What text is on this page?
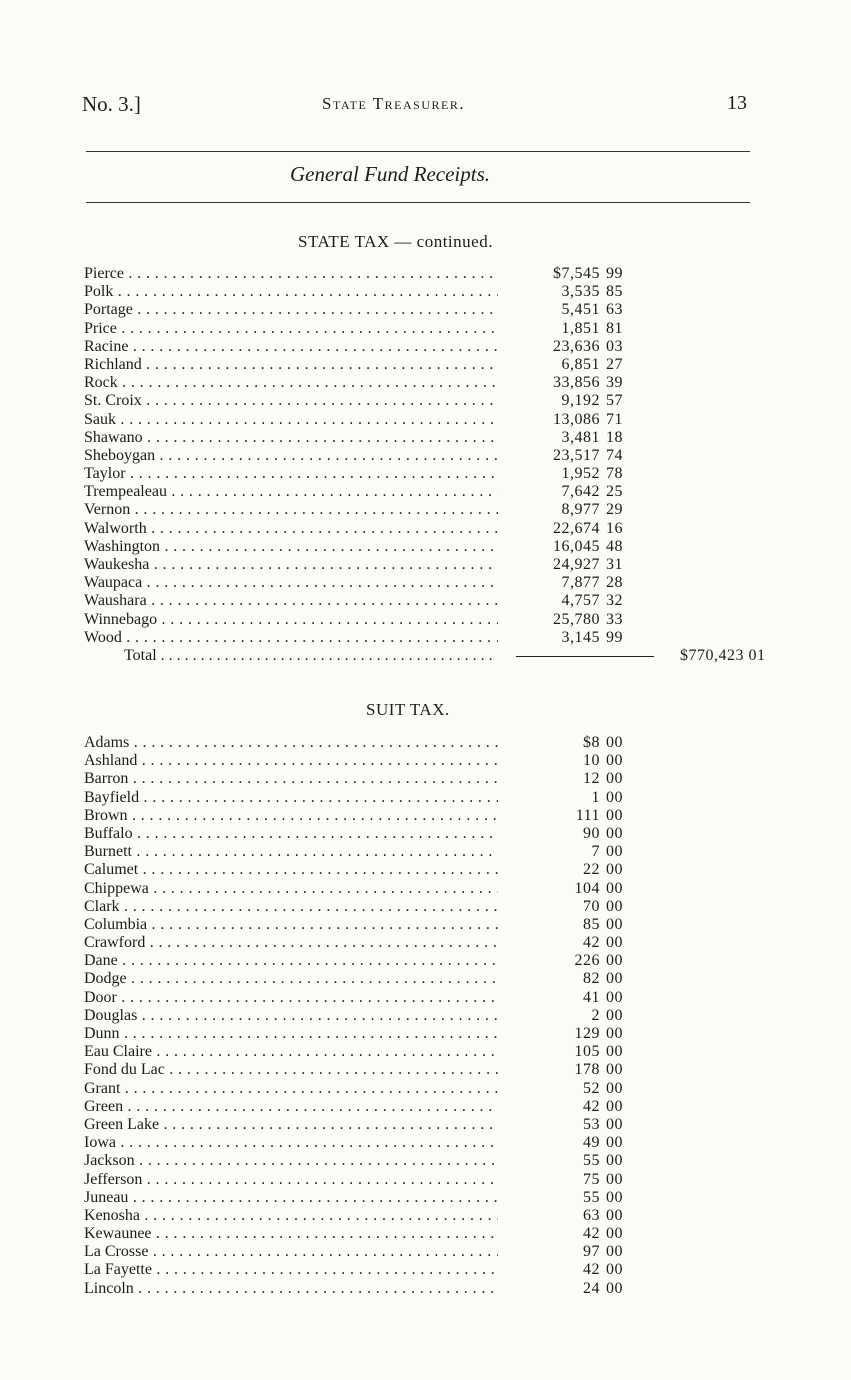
No. 3.]	State Treasurer.	13
General Fund Receipts.
STATE TAX — continued.
Pierce . . .	$7,545 99
Polk . . .	3,535 85
Portage . . .	5,451 63
Price . . .	1,851 81
Racine . . .	23,636 03
Richland . . .	6,851 27
Rock . . .	33,856 39
St. Croix . . .	9,192 57
Sauk . . .	13,086 71
Shawano . . .	3,481 18
Sheboygan . . .	23,517 74
Taylor . . .	1,952 78
Trempealeau . . .	7,642 25
Vernon . . .	8,977 29
Walworth . . .	22,674 16
Washington . . .	16,045 48
Waukesha . . .	24,927 31
Waupaca . . .	7,877 28
Waushara . . .	4,757 32
Winnebago . . .	25,780 33
Wood . . .	3,145 99
Total . . .	$770,423 01
SUIT TAX.
Adams . . .	$8 00
Ashland . . .	10 00
Barron . . .	12 00
Bayfield . . .	1 00
Brown . . .	111 00
Buffalo . . .	90 00
Burnett . . .	7 00
Calumet . . .	22 00
Chippewa . . .	104 00
Clark . . .	70 00
Columbia . . .	85 00
Crawford . . .	42 00
Dane . . .	226 00
Dodge . . .	82 00
Door . . .	41 00
Douglas . . .	2 00
Dunn . . .	129 00
Eau Claire . . .	105 00
Fond du Lac . . .	178 00
Grant . . .	52 00
Green . . .	42 00
Green Lake . . .	53 00
Iowa . . .	49 00
Jackson . . .	55 00
Jefferson . . .	75 00
Juneau . . .	55 00
Kenosha . . .	63 00
Kewaunee . . .	42 00
La Crosse . . .	97 00
La Fayette . . .	42 00
Lincoln . . .	24 00
